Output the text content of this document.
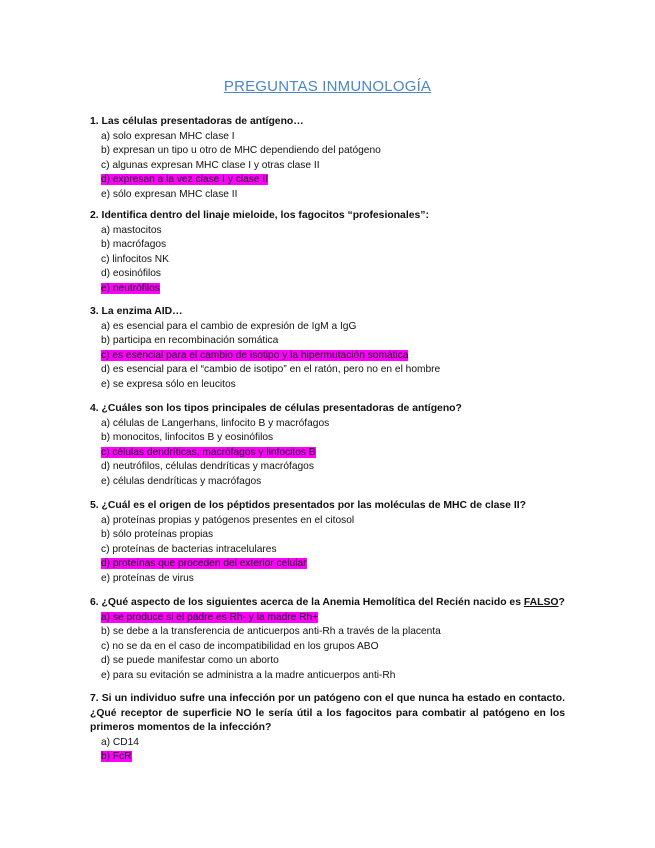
PREGUNTAS INMUNOLOGÍA
1. Las células presentadoras de antígeno…
a) solo expresan MHC clase I
b) expresan un tipo u otro de MHC dependiendo del patógeno
c) algunas expresan MHC clase I y otras clase II
d) expresan a la vez clase I y clase II
e) sólo expresan MHC clase II
2. Identifica dentro del linaje mieloide, los fagocitos “profesionales”:
a) mastocitos
b) macrófagos
c) linfocitos NK
d) eosinófilos
e) neutrófilos
3. La enzima AID…
a) es esencial para el cambio de expresión de IgM a IgG
b) participa en recombinación somática
c) es esencial para el cambio de isotipo y la hipermutación somática
d) es esencial para el “cambio de isotipo” en el ratón, pero no en el hombre
e) se expresa sólo en leucitos
4. ¿Cuáles son los tipos principales de células presentadoras de antígeno?
a) células de Langerhans, linfocito B y macrófagos
b) monocitos, linfocitos B y eosinófilos
c) células dendríticas, macrófagos y linfocitos B
d) neutrófilos, células dendríticas y macrófagos
e) células dendríticas y macrófagos
5. ¿Cuál es el origen de los péptidos presentados por las moléculas de MHC de clase II?
a) proteínas propias y patógenos presentes en el citosol
b) sólo proteínas propias
c) proteínas de bacterias intracelulares
d) proteínas que proceden del exterior celular
e) proteínas de virus
6. ¿Qué aspecto de los siguientes acerca de la Anemia Hemolítica del Recién nacido es FALSO?
a) se produce si el padre es Rh- y la madre Rh+
b) se debe a la transferencia de anticuerpos anti-Rh a través de la placenta
c) no se da en el caso de incompatibilidad en los grupos ABO
d) se puede manifestar como un aborto
e) para su evitación se administra a la madre anticuerpos anti-Rh
7. Si un individuo sufre una infección por un patógeno con el que nunca ha estado en contacto. ¿Qué receptor de superficie NO le sería útil a los fagocitos para combatir al patógeno en los primeros momentos de la infección?
a) CD14
b) FcR
